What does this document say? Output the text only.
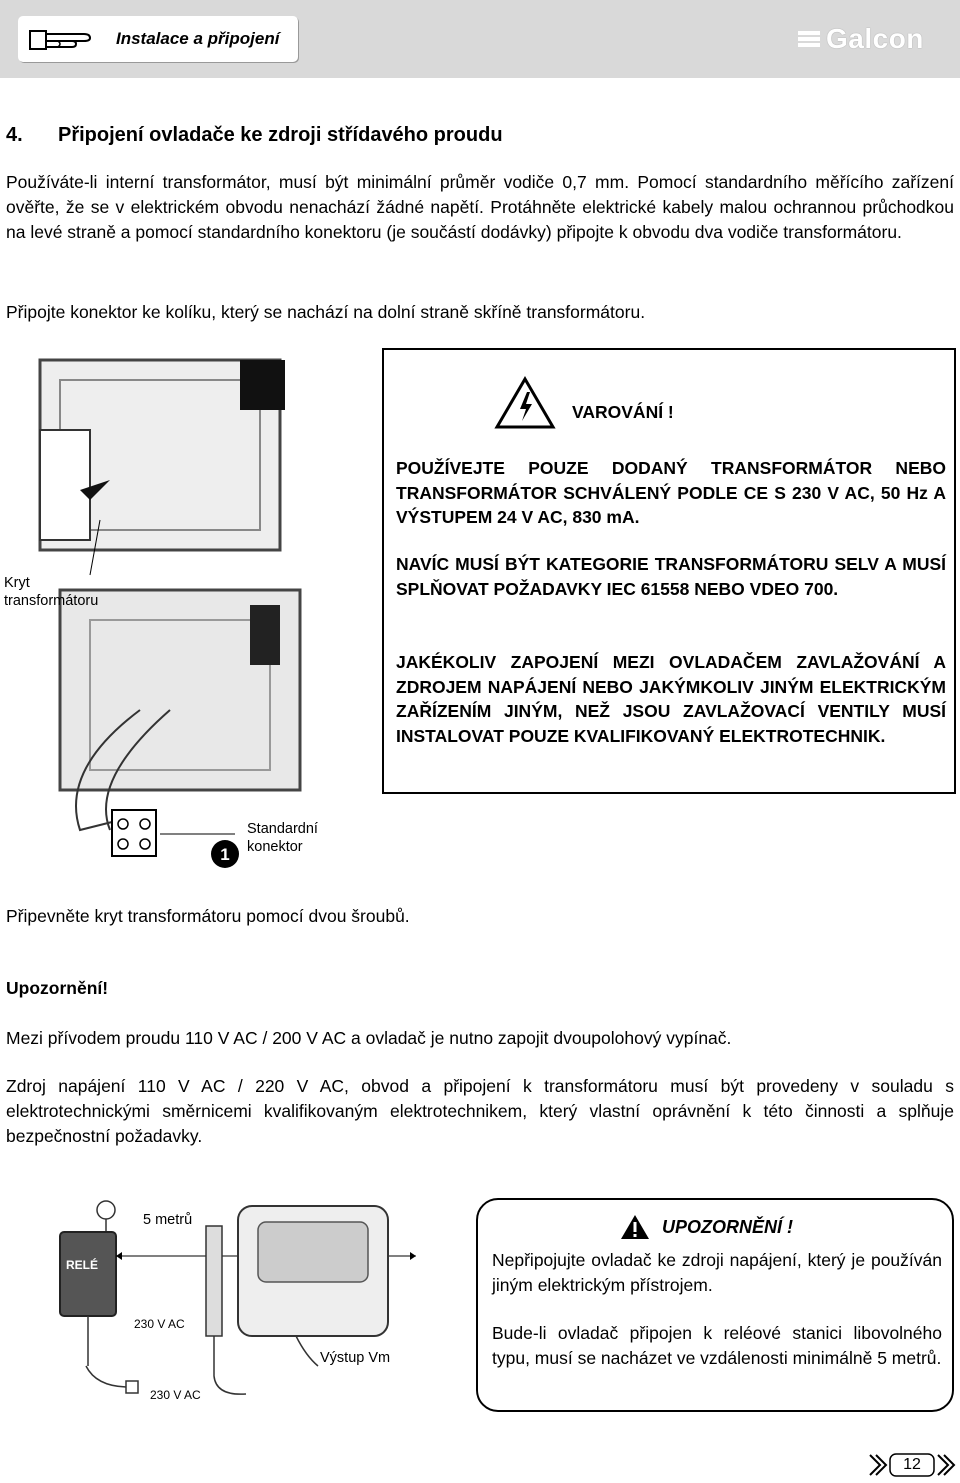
Instalace a připojení	Galcon
4. Připojení ovladače ke zdroji střídavého proudu

Používáte-li interní transformátor, musí být minimální průměr vodiče 0,7 mm. Pomocí standardního měřícího zařízení ověřte, že se v elektrickém obvodu nenachází žádné napětí. Protáhněte elektrické kabely malou ochrannou průchodkou na levé straně a pomocí standardního konektoru (je součástí dodávky) připojte k obvodu dva vodiče transformátoru.

Připojte konektor ke kolíku, který se nachází na dolní straně skříně transformátoru.

1
Kryt
transformátoru
Standardní
konektor
VAROVÁNÍ !
POUŽÍVEJTE POUZE DODANÝ TRANSFORMÁTOR NEBO TRANSFORMÁTOR SCHVÁLENÝ PODLE CE S 230 V AC, 50 Hz A VÝSTUPEM 24 V AC, 830 mA.
NAVÍC MUSÍ BÝT KATEGORIE TRANSFORMÁTORU SELV A MUSÍ SPLŇOVAT POŽADAVKY IEC 61558 NEBO VDEO 700.
JAKÉKOLIV ZAPOJENÍ MEZI OVLADAČEM ZAVLAŽOVÁNÍ A ZDROJEM NAPÁJENÍ NEBO JAKÝMKOLIV JINÝM ELEKTRICKÝM ZAŘÍZENÍM JINÝM, NEŽ JSOU ZAVLAŽOVACÍ VENTILY MUSÍ INSTALOVAT POUZE KVALIFIKOVANÝ ELEKTROTECHNIK.

Připevněte kryt transformátoru pomocí dvou šroubů.

Upozornění!

Mezi přívodem proudu 110 V AC / 200 V AC a ovladač je nutno zapojit dvoupolohový vypínač.

Zdroj napájení 110 V AC / 220 V AC, obvod a připojení k transformátoru musí být provedeny v souladu s elektrotechnickými směrnicemi kvalifikovaným elektrotechnikem, který vlastní oprávnění k této činnosti a splňuje bezpečnostní požadavky.

5 metrů
RELÉ
230 V AC
230 V AC
Výstup Vm
UPOZORNĚNÍ !
Nepřipojujte ovladač ke zdroji napájení, který je používán jiným elektrickým přístrojem.
Bude-li ovladač připojen k reléové stanici libovolného typu, musí se nacházet ve vzdálenosti minimálně 5 metrů.
12
